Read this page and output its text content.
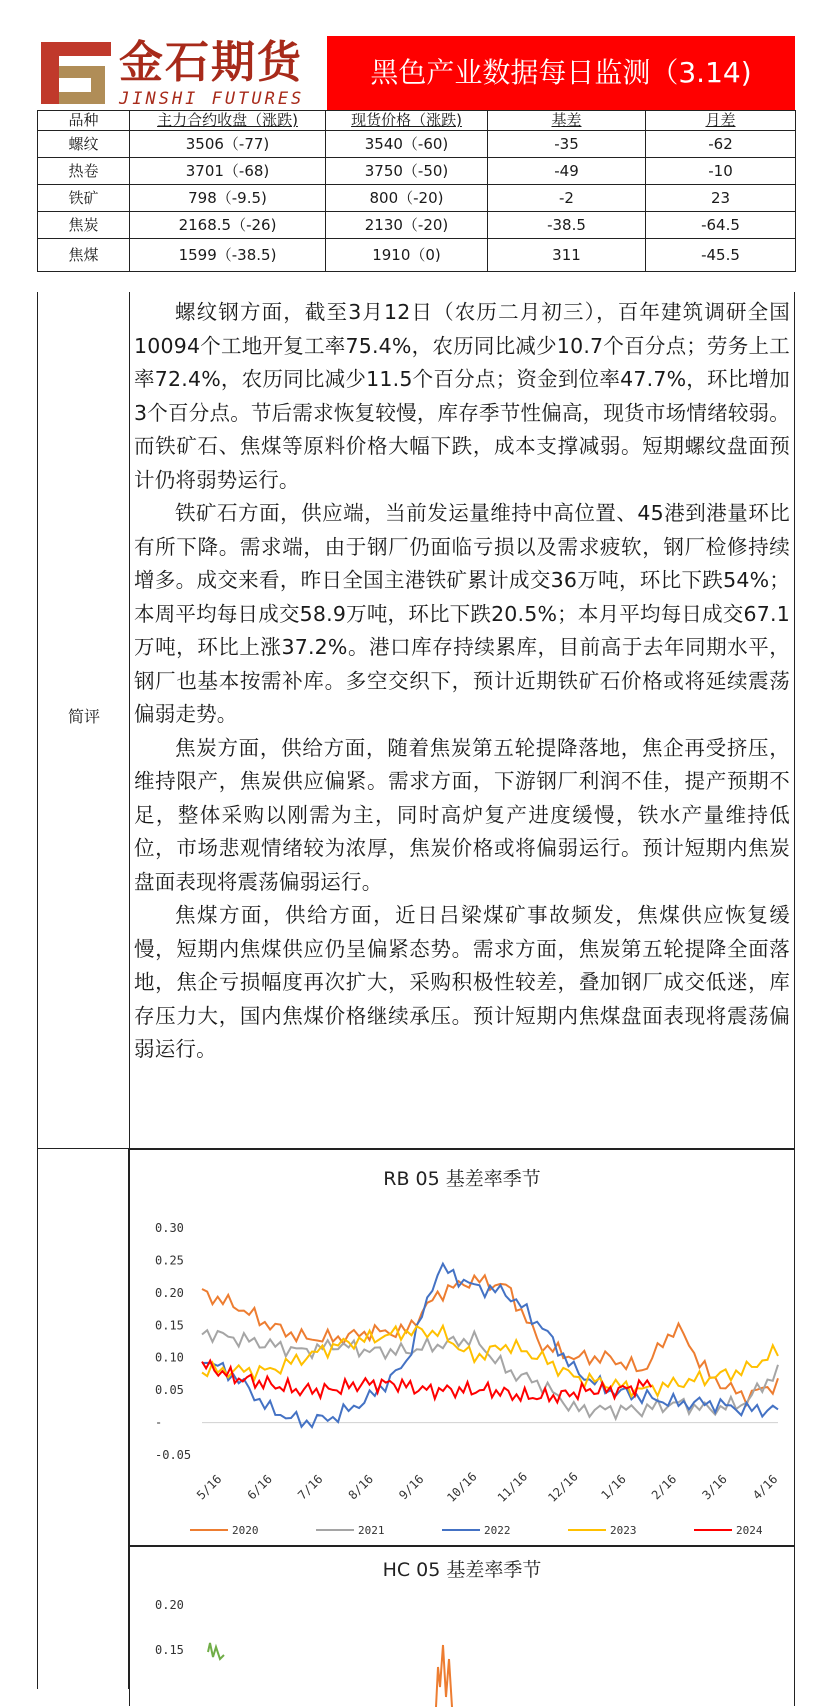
金石期货
JINSHI FUTURES
黑色产业数据每日监测（3.14)
品种	主力合约收盘（涨跌)	现货价格（涨跌)	基差	月差
螺纹	3506（-77)	3540（-60)	-35	-62
热卷	3701（-68)	3750（-50)	-49	-10
铁矿	798（-9.5)	800（-20)	-2	23
焦炭	2168.5（-26)	2130（-20)	-38.5	-64.5
焦煤	1599（-38.5)	1910（0)	311	-45.5
简评

螺纹钢方面，截至3月12日（农历二月初三），百年建筑调研全国10094个工地开复工率75.4%，农历同比减少10.7个百分点；劳务上工率72.4%，农历同比减少11.5个百分点；资金到位率47.7%，环比增加3个百分点。节后需求恢复较慢，库存季节性偏高，现货市场情绪较弱。而铁矿石、焦煤等原料价格大幅下跌，成本支撑减弱。短期螺纹盘面预计仍将弱势运行。

铁矿石方面，供应端，当前发运量维持中高位置、45港到港量环比有所下降。需求端，由于钢厂仍面临亏损以及需求疲软，钢厂检修持续增多。成交来看，昨日全国主港铁矿累计成交36万吨，环比下跌54%；本周平均每日成交58.9万吨，环比下跌20.5%；本月平均每日成交67.1万吨，环比上涨37.2%。港口库存持续累库，目前高于去年同期水平，钢厂也基本按需补库。多空交织下，预计近期铁矿石价格或将延续震荡偏弱走势。

焦炭方面，供给方面，随着焦炭第五轮提降落地，焦企再受挤压，维持限产，焦炭供应偏紧。需求方面，下游钢厂利润不佳，提产预期不足，整体采购以刚需为主，同时高炉复产进度缓慢，铁水产量维持低位，市场悲观情绪较为浓厚，焦炭价格或将偏弱运行。预计短期内焦炭盘面表现将震荡偏弱运行。

焦煤方面，供给方面，近日吕梁煤矿事故频发，焦煤供应恢复缓慢，短期内焦煤供应仍呈偏紧态势。需求方面，焦炭第五轮提降全面落地，焦企亏损幅度再次扩大，采购积极性较差，叠加钢厂成交低迷，库存压力大，国内焦煤价格继续承压。预计短期内焦煤盘面表现将震荡偏弱运行。

RB 05 基差率季节
0.30
0.25
0.20
0.15
0.10
0.05
-
-0.05
5/16 6/16 7/16 8/16 9/16 10/16 11/16 12/16 1/16 2/16 3/16 4/16
2020	2021	2022	2023	2024
HC 05 基差率季节
0.20
0.15
